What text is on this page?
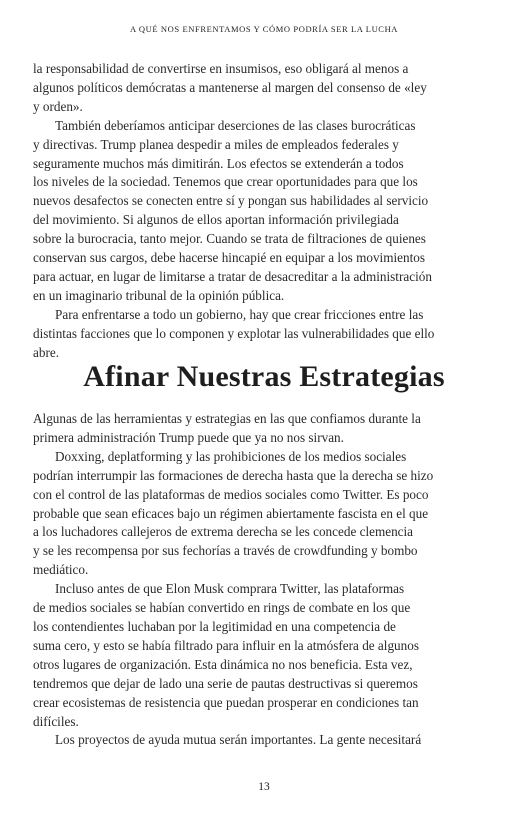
A QUÉ NOS ENFRENTAMOS Y CÓMO PODRÍA SER LA LUCHA
la responsabilidad de convertirse en insumisos, eso obligará al menos a
algunos políticos demócratas a mantenerse al margen del consenso de «ley
y orden».
También deberíamos anticipar deserciones de las clases burocráticas
y directivas. Trump planea despedir a miles de empleados federales y
seguramente muchos más dimitirán. Los efectos se extenderán a todos
los niveles de la sociedad. Tenemos que crear oportunidades para que los
nuevos desafectos se conecten entre sí y pongan sus habilidades al servicio
del movimiento. Si algunos de ellos aportan información privilegiada
sobre la burocracia, tanto mejor. Cuando se trata de filtraciones de quienes
conservan sus cargos, debe hacerse hincapié en equipar a los movimientos
para actuar, en lugar de limitarse a tratar de desacreditar a la administración
en un imaginario tribunal de la opinión pública.
Para enfrentarse a todo un gobierno, hay que crear fricciones entre las
distintas facciones que lo componen y explotar las vulnerabilidades que ello
abre.
Afinar Nuestras Estrategias
Algunas de las herramientas y estrategias en las que confiamos durante la
primera administración Trump puede que ya no nos sirvan.
Doxxing, deplatforming y las prohibiciones de los medios sociales
podrían interrumpir las formaciones de derecha hasta que la derecha se hizo
con el control de las plataformas de medios sociales como Twitter. Es poco
probable que sean eficaces bajo un régimen abiertamente fascista en el que
a los luchadores callejeros de extrema derecha se les concede clemencia
y se les recompensa por sus fechorías a través de crowdfunding y bombo
mediático.
Incluso antes de que Elon Musk comprara Twitter, las plataformas
de medios sociales se habían convertido en rings de combate en los que
los contendientes luchaban por la legitimidad en una competencia de
suma cero, y esto se había filtrado para influir en la atmósfera de algunos
otros lugares de organización. Esta dinámica no nos beneficia. Esta vez,
tendremos que dejar de lado una serie de pautas destructivas si queremos
crear ecosistemas de resistencia que puedan prosperar en condiciones tan
difíciles.
Los proyectos de ayuda mutua serán importantes. La gente necesitará
13
